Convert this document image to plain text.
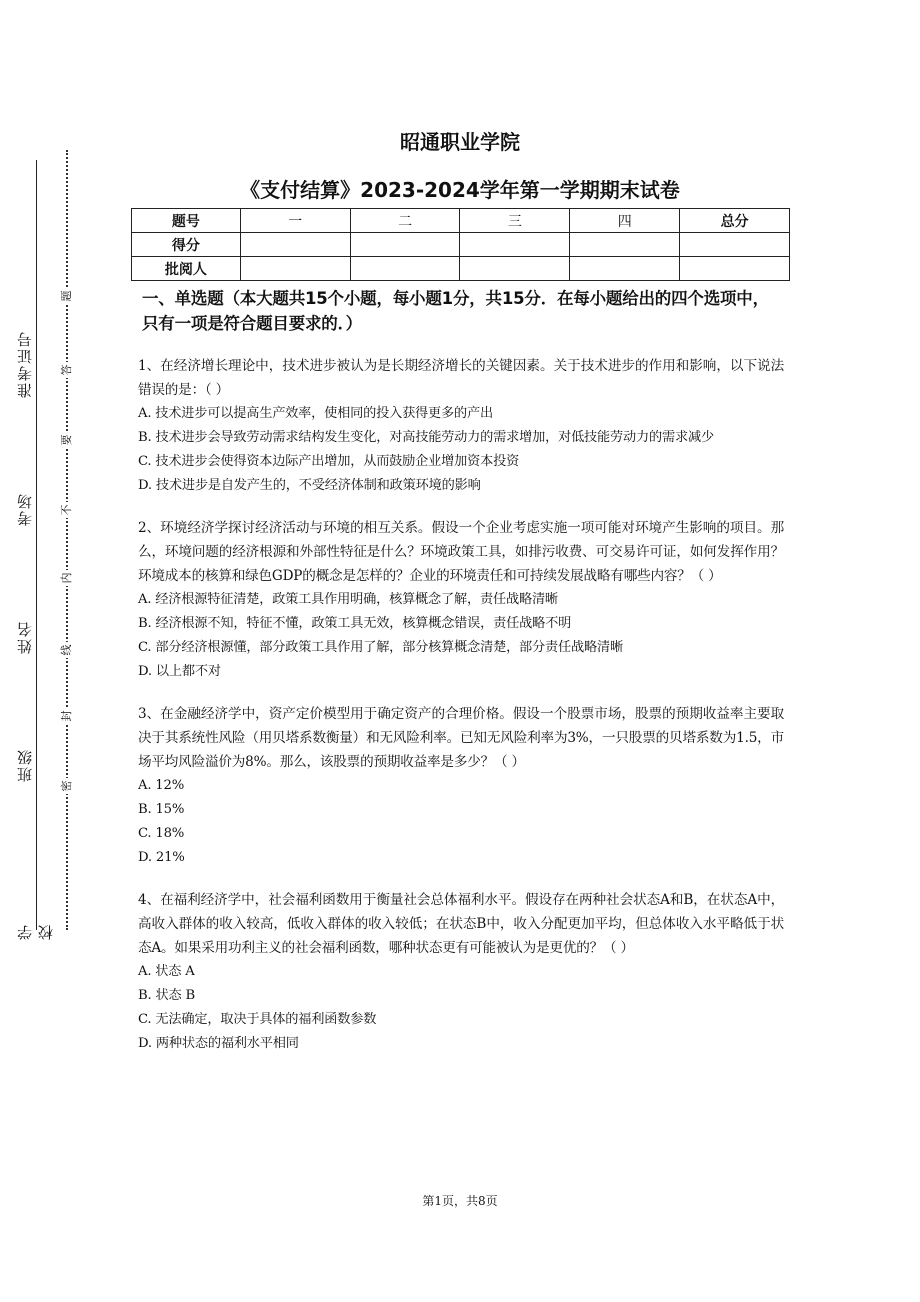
准考证号
考场
姓名
班级
学校
题
答
要
不
内
线
封
密
昭通职业学院
《支付结算》2023-2024学年第一学期期末试卷
题号	一	二	三	四	总分
得分					
批阅人					
一、单选题（本大题共15个小题，每小题1分，共15分．在每小题给出的四个选项中，只有一项是符合题目要求的．）
1、在经济增长理论中，技术进步被认为是长期经济增长的关键因素。关于技术进步的作用和影响，以下说法错误的是：（ ）
A. 技术进步可以提高生产效率，使相同的投入获得更多的产出
B. 技术进步会导致劳动需求结构发生变化，对高技能劳动力的需求增加，对低技能劳动力的需求减少
C. 技术进步会使得资本边际产出增加，从而鼓励企业增加资本投资
D. 技术进步是自发产生的，不受经济体制和政策环境的影响
2、环境经济学探讨经济活动与环境的相互关系。假设一个企业考虑实施一项可能对环境产生影响的项目。那么，环境问题的经济根源和外部性特征是什么？环境政策工具，如排污收费、可交易许可证，如何发挥作用？环境成本的核算和绿色GDP的概念是怎样的？企业的环境责任和可持续发展战略有哪些内容？（ ）
A. 经济根源特征清楚，政策工具作用明确，核算概念了解，责任战略清晰
B. 经济根源不知，特征不懂，政策工具无效，核算概念错误，责任战略不明
C. 部分经济根源懂，部分政策工具作用了解，部分核算概念清楚，部分责任战略清晰
D. 以上都不对
3、在金融经济学中，资产定价模型用于确定资产的合理价格。假设一个股票市场，股票的预期收益率主要取决于其系统性风险（用贝塔系数衡量）和无风险利率。已知无风险利率为3%，一只股票的贝塔系数为1.5，市场平均风险溢价为8%。那么，该股票的预期收益率是多少？（ ）
A. 12%
B. 15%
C. 18%
D. 21%
4、在福利经济学中，社会福利函数用于衡量社会总体福利水平。假设存在两种社会状态A和B，在状态A中，高收入群体的收入较高，低收入群体的收入较低；在状态B中，收入分配更加平均，但总体收入水平略低于状态A。如果采用功利主义的社会福利函数，哪种状态更有可能被认为是更优的？（ ）
A. 状态 A
B. 状态 B
C. 无法确定，取决于具体的福利函数参数
D. 两种状态的福利水平相同
第1页，共8页
